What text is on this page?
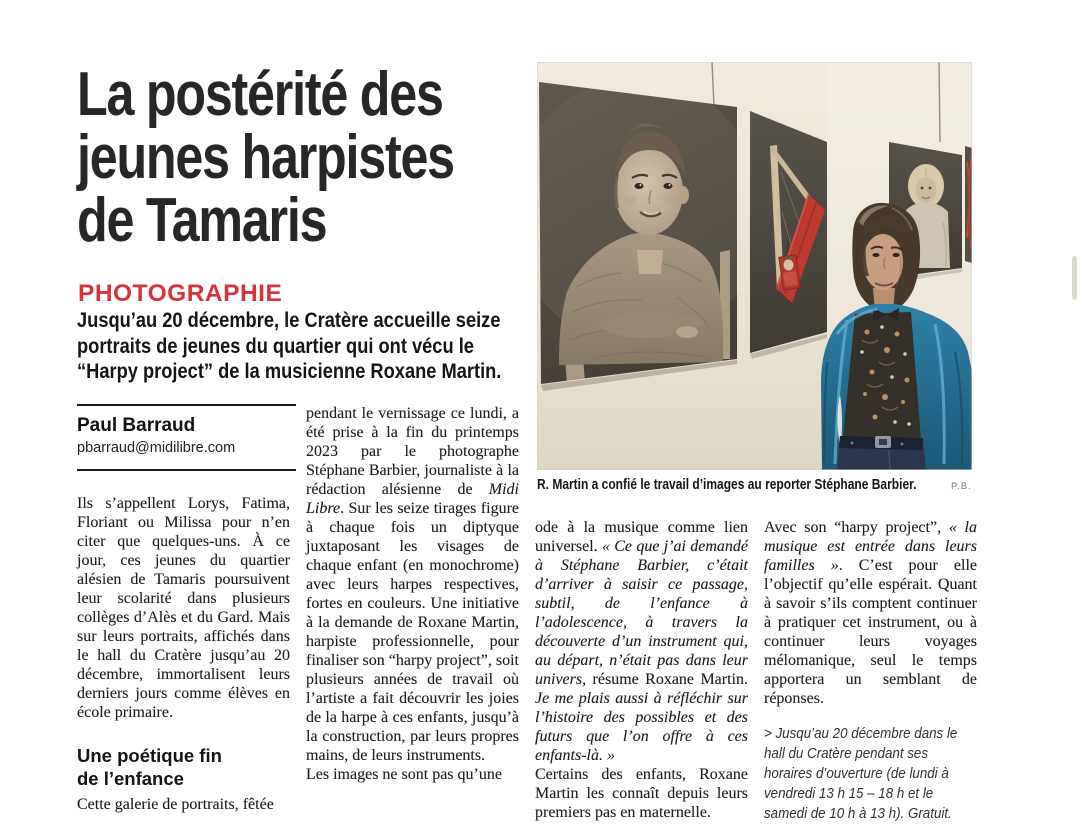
La postérité des
jeunes harpistes
de Tamaris
PHOTOGRAPHIE
Jusqu’au 20 décembre, le Cratère accueille seize
portraits de jeunes du quartier qui ont vécu le
“Harpy project” de la musicienne Roxane Martin.
Paul Barraud
pbarraud@midilibre.com
R. Martin a confié le travail d’images au reporter Stéphane Barbier.	P.B.
Ils s’appellent Lorys, Fatima, Floriant ou Milissa pour n’en citer que quelques-uns. À ce jour, ces jeunes du quartier alésien de Tamaris poursuivent leur scolarité dans plusieurs collèges d’Alès et du Gard. Mais sur leurs portraits, affichés dans le hall du Cratère jusqu’au 20 décembre, immortalisent leurs derniers jours comme élèves en école primaire.
Une poétique fin
de l’enfance
Cette galerie de portraits, fêtée
pendant le vernissage ce lundi, a été prise à la fin du printemps 2023 par le photographe Stéphane Barbier, journaliste à la rédaction alésienne de Midi Libre. Sur les seize tirages figure à chaque fois un diptyque juxtaposant les visages de chaque enfant (en monochrome) avec leurs harpes respectives, fortes en couleurs. Une initiative à la demande de Roxane Martin, harpiste professionnelle, pour finaliser son “harpy project”, soit plusieurs années de travail où l’artiste a fait découvrir les joies de la harpe à ces enfants, jusqu’à la construction, par leurs propres mains, de leurs instruments.
Les images ne sont pas qu’une
ode à la musique comme lien universel. « Ce que j’ai demandé à Stéphane Barbier, c’était d’arriver à saisir ce passage, subtil, de l’enfance à l’adolescence, à travers la découverte d’un instrument qui, au départ, n’était pas dans leur univers, résume Roxane Martin. Je me plais aussi à réfléchir sur l’histoire des possibles et des futurs que l’on offre à ces enfants-là. »
Certains des enfants, Roxane Martin les connaît depuis leurs premiers pas en maternelle.
Avec son “harpy project”, « la musique est entrée dans leurs familles ». C’est pour elle l’objectif qu’elle espérait. Quant à savoir s’ils comptent continuer à pratiquer cet instrument, ou à continuer leurs voyages mélomanique, seul le temps apportera un semblant de réponses.
> Jusqu’au 20 décembre dans le hall du Cratère pendant ses horaires d’ouverture (de lundi à vendredi 13 h 15 – 18 h et le samedi de 10 h à 13 h). Gratuit.
